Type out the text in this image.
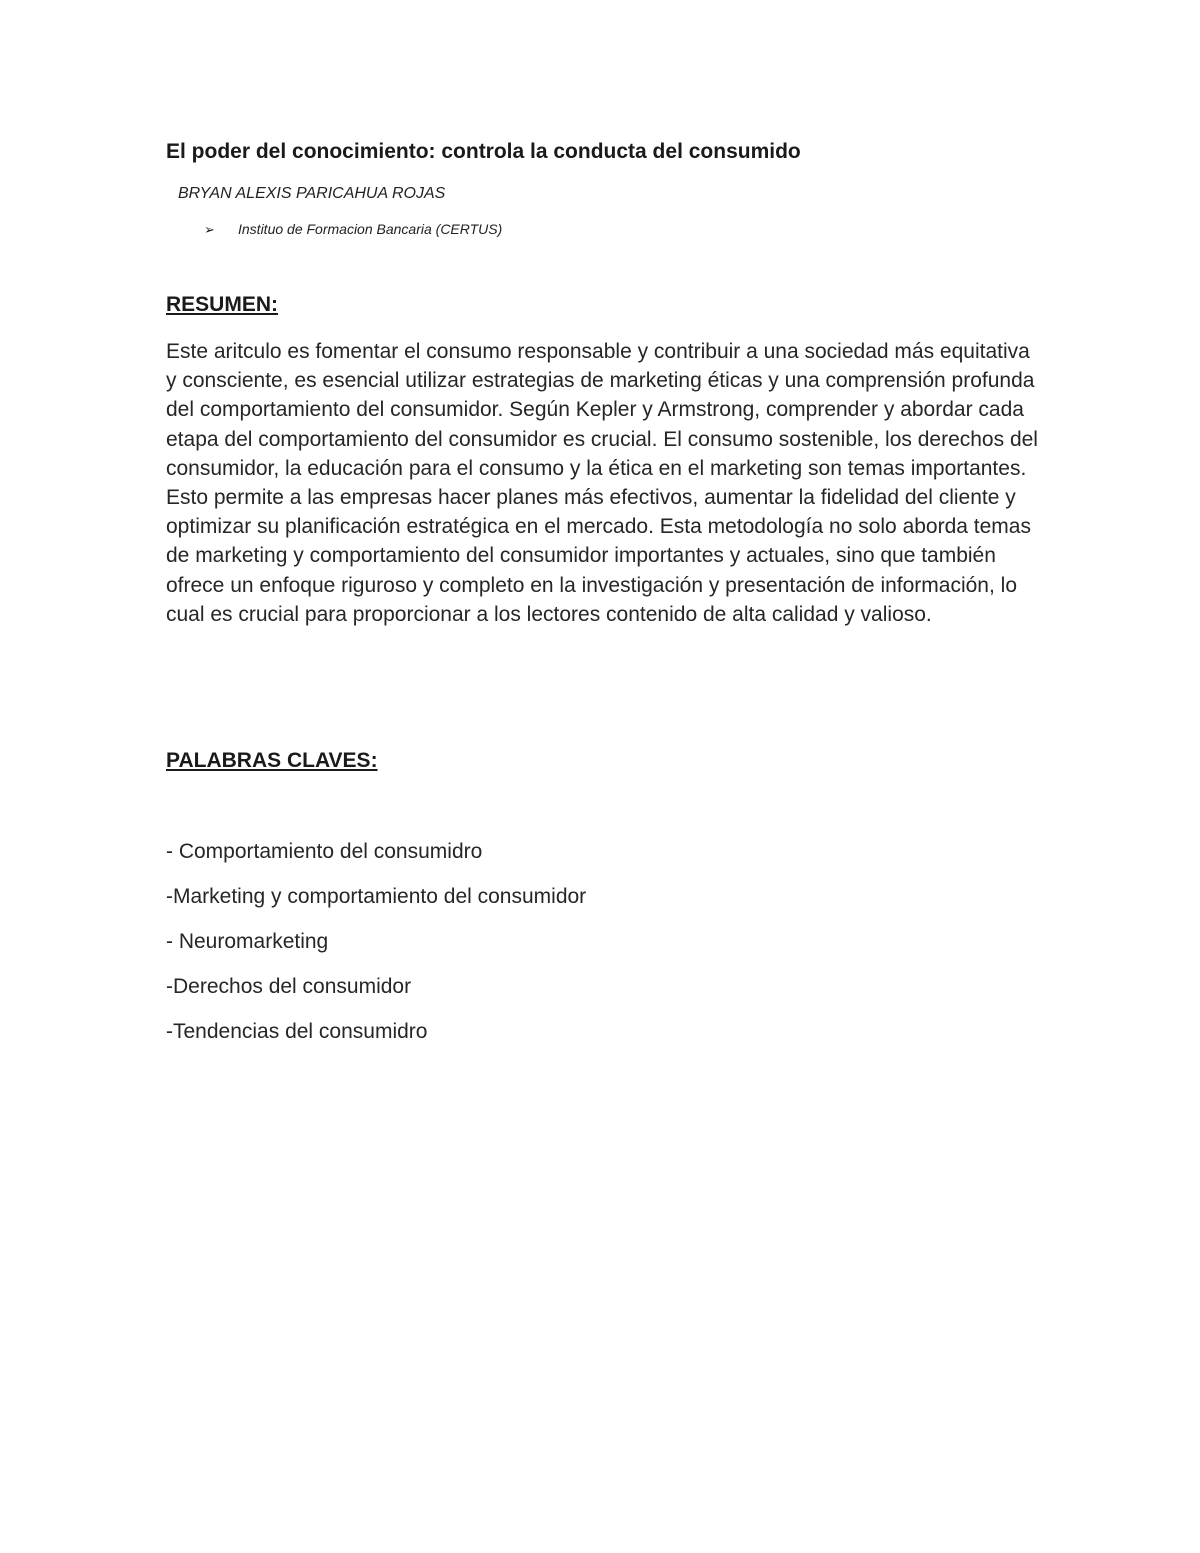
El poder del conocimiento: controla la conducta del consumido
BRYAN ALEXIS PARICAHUA ROJAS
➢ Instituo de Formacion Bancaria (CERTUS)
RESUMEN:
Este aritculo es fomentar el consumo responsable y contribuir a una sociedad más equitativa y consciente, es esencial utilizar estrategias de marketing éticas y una comprensión profunda del comportamiento del consumidor. Según Kepler y Armstrong, comprender y abordar cada etapa del comportamiento del consumidor es crucial. El consumo sostenible, los derechos del consumidor, la educación para el consumo y la ética en el marketing son temas importantes. Esto permite a las empresas hacer planes más efectivos, aumentar la fidelidad del cliente y optimizar su planificación estratégica en el mercado. Esta metodología no solo aborda temas de marketing y comportamiento del consumidor importantes y actuales, sino que también ofrece un enfoque riguroso y completo en la investigación y presentación de información, lo cual es crucial para proporcionar a los lectores contenido de alta calidad y valioso.
PALABRAS CLAVES:
- Comportamiento del consumidro
-Marketing y comportamiento del consumidor
- Neuromarketing
-Derechos del consumidor
-Tendencias del consumidro
